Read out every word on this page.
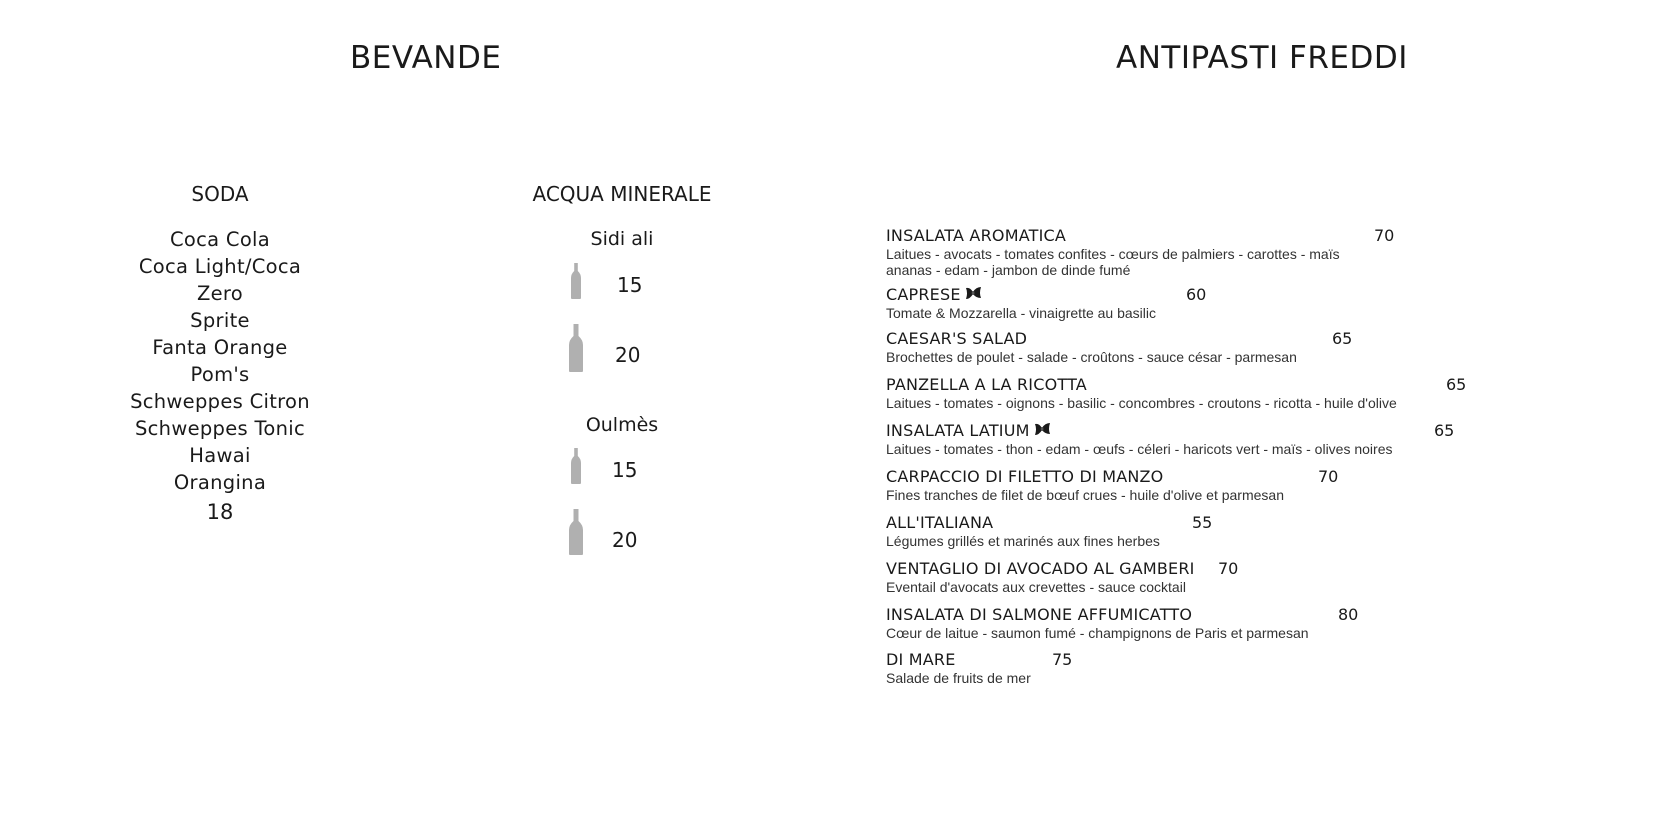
BEVANDE	ANTIPASTI FREDDI
SODA
Coca Cola
Coca Light/Coca
Zero
Sprite
Fanta Orange
Pom's
Schweppes Citron
Schweppes Tonic
Hawai
Orangina
18
ACQUA MINERALE
Sidi ali
15
20
Oulmès
15
20
INSALATA AROMATICA	70
Laitues - avocats - tomates confites - cœurs de palmiers - carottes - maïs
ananas - edam - jambon de dinde fumé
CAPRESE	60
Tomate & Mozzarella - vinaigrette au basilic
CAESAR'S SALAD	65
Brochettes de poulet - salade - croûtons - sauce césar - parmesan
PANZELLA A LA RICOTTA	65
Laitues - tomates - oignons - basilic - concombres - croutons - ricotta - huile d'olive
INSALATA LATIUM	65
Laitues - tomates - thon - edam - œufs - céleri - haricots vert - maïs - olives noires
CARPACCIO DI FILETTO DI MANZO	70
Fines tranches de filet de bœuf crues - huile d'olive et parmesan
ALL'ITALIANA	55
Légumes grillés et marinés aux fines herbes
VENTAGLIO DI AVOCADO AL GAMBERI 70
Eventail d'avocats aux crevettes - sauce cocktail
INSALATA DI SALMONE AFFUMICATTO	80
Cœur de laitue - saumon fumé - champignons de Paris et parmesan
DI MARE	75
Salade de fruits de mer
